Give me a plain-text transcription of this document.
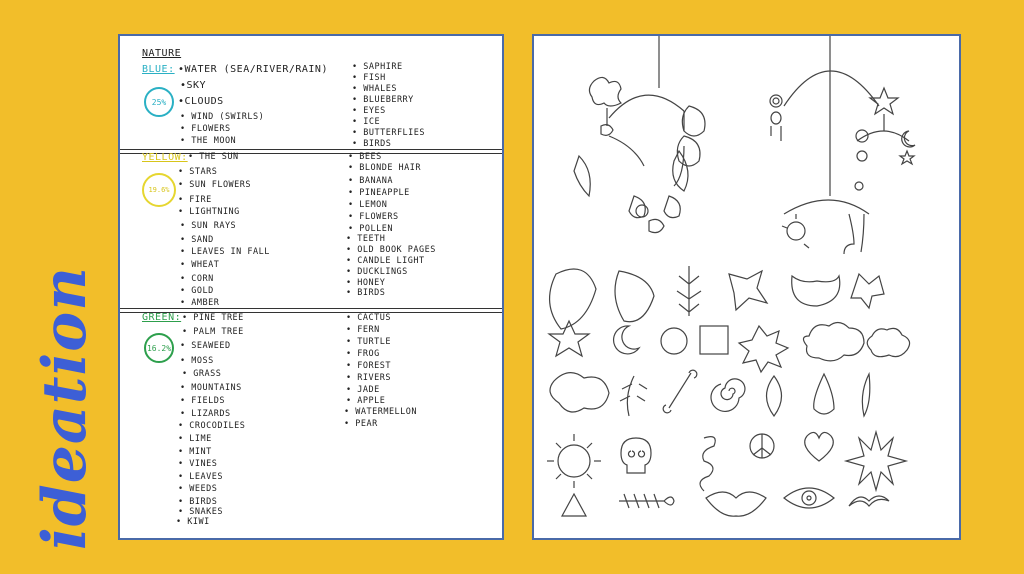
ideation
NATURE
BLUE:
25%
•WATER (SEA/RIVER/RAIN)
•SKY
•CLOUDS
• WIND (SWIRLS)
• FLOWERS
• THE MOON
• SAPHIRE
• FISH
• WHALES
• BLUEBERRY
• EYES
• ICE
• BUTTERFLIES
• BIRDS
YELLOW:
19.6%
• THE SUN
• STARS
• SUN FLOWERS
• FIRE
• LIGHTNING
• SUN RAYS
• SAND
• LEAVES IN FALL
• WHEAT
• CORN
• GOLD
• AMBER
• BEES
• BLONDE HAIR
• BANANA
• PINEAPPLE
• LEMON
• FLOWERS
• POLLEN
• TEETH
• OLD BOOK PAGES
• CANDLE LIGHT
• DUCKLINGS
• HONEY
• BIRDS
GREEN:
16.2%
• PINE TREE
• PALM TREE
• SEAWEED
• MOSS
• GRASS
• MOUNTAINS
• FIELDS
• LIZARDS
• CROCODILES
• LIME
• MINT
• VINES
• LEAVES
• WEEDS
• BIRDS
• SNAKES
• KIWI
• CACTUS
• FERN
• TURTLE
• FROG
• FOREST
• RIVERS
• JADE
• APPLE
• WATERMELLON
• PEAR
